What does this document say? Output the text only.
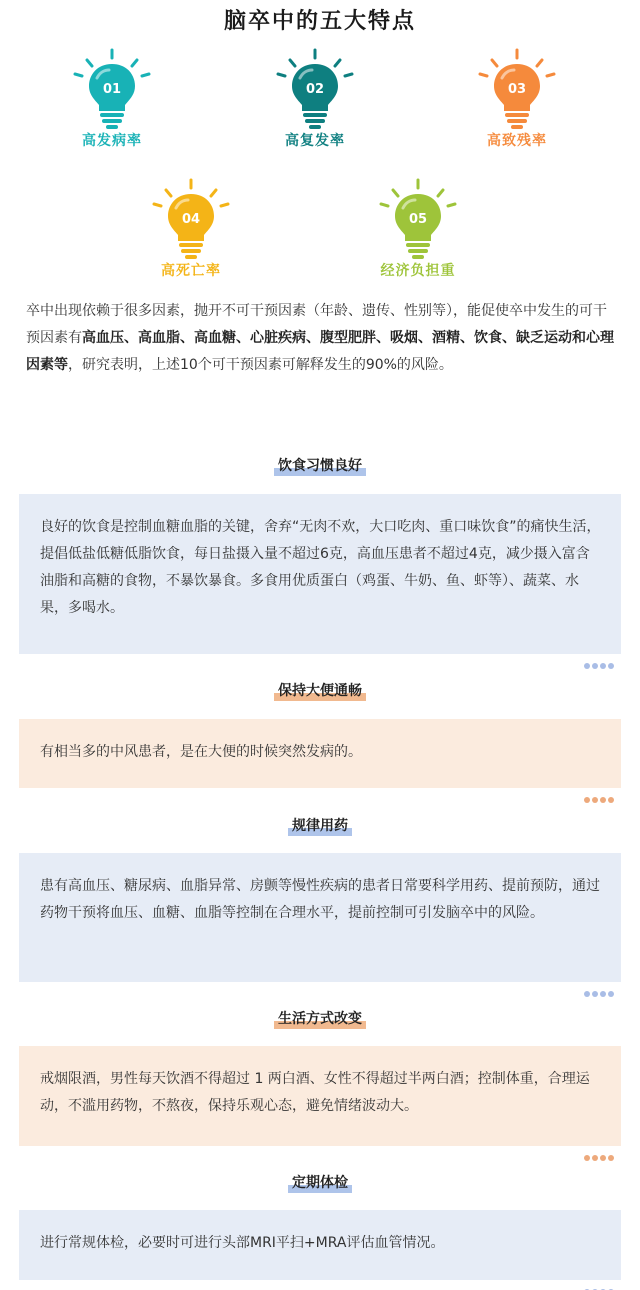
脑卒中的五大特点
01
高发病率
02
高复发率
03
高致残率
04
高死亡率
05
经济负担重
卒中出现依赖于很多因素，抛开不可干预因素（年龄、遗传、性别等），能促使卒中发生的可干预因素有高血压、高血脂、高血糖、心脏疾病、腹型肥胖、吸烟、酒精、饮食、缺乏运动和心理因素等，研究表明，上述10个可干预因素可解释发生的90%的风险。
饮食习惯良好
良好的饮食是控制血糖血脂的关键，舍弃“无肉不欢，大口吃肉、重口味饮食”的痛快生活，提倡低盐低糖低脂饮食，每日盐摄入量不超过6克，高血压患者不超过4克，减少摄入富含油脂和高糖的食物，不暴饮暴食。多食用优质蛋白（鸡蛋、牛奶、鱼、虾等）、蔬菜、水果，多喝水。
保持大便通畅
有相当多的中风患者，是在大便的时候突然发病的。
规律用药
患有高血压、糖尿病、血脂异常、房颤等慢性疾病的患者日常要科学用药、提前预防，通过药物干预将血压、血糖、血脂等控制在合理水平，提前控制可引发脑卒中的风险。
生活方式改变
戒烟限酒，男性每天饮酒不得超过 1 两白酒、女性不得超过半两白酒；控制体重，合理运动，不滥用药物，不熬夜，保持乐观心态，避免情绪波动大。
定期体检
进行常规体检，必要时可进行头部MRI平扫+MRA评估血管情况。
